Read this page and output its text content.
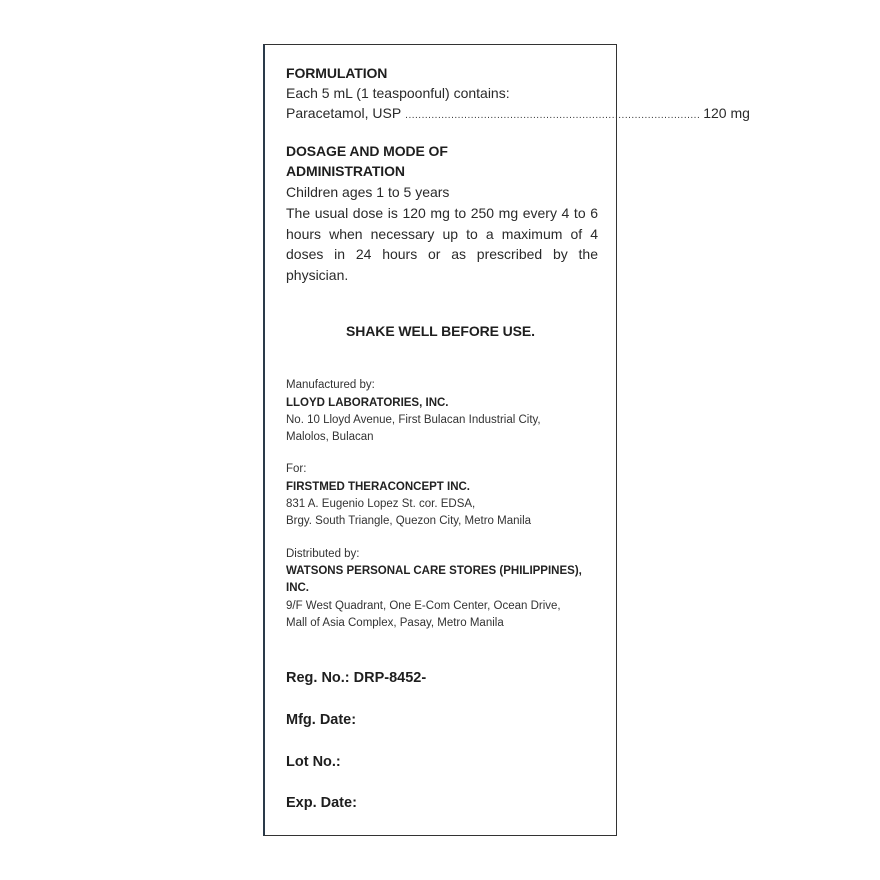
FORMULATION
Each 5 mL (1 teaspoonful) contains:
Paracetamol, USP .......................................................................................... 120 mg
DOSAGE AND MODE OF
ADMINISTRATION
Children ages 1 to 5 years
The usual dose is 120 mg to 250 mg every 4 to 6 hours when necessary up to a maximum of 4 doses in 24 hours or as prescribed by the physician.
SHAKE WELL BEFORE USE.
Manufactured by:
LLOYD LABORATORIES, INC.
No. 10 Lloyd Avenue, First Bulacan Industrial City,
Malolos, Bulacan
For:
FIRSTMED THERACONCEPT INC.
831 A. Eugenio Lopez St. cor. EDSA,
Brgy. South Triangle, Quezon City, Metro Manila
Distributed by:
WATSONS PERSONAL CARE STORES (PHILIPPINES),
INC.
9/F West Quadrant, One E-Com Center, Ocean Drive,
Mall of Asia Complex, Pasay, Metro Manila
Reg. No.: DRP-8452-
Mfg. Date:
Lot No.:
Exp. Date:
